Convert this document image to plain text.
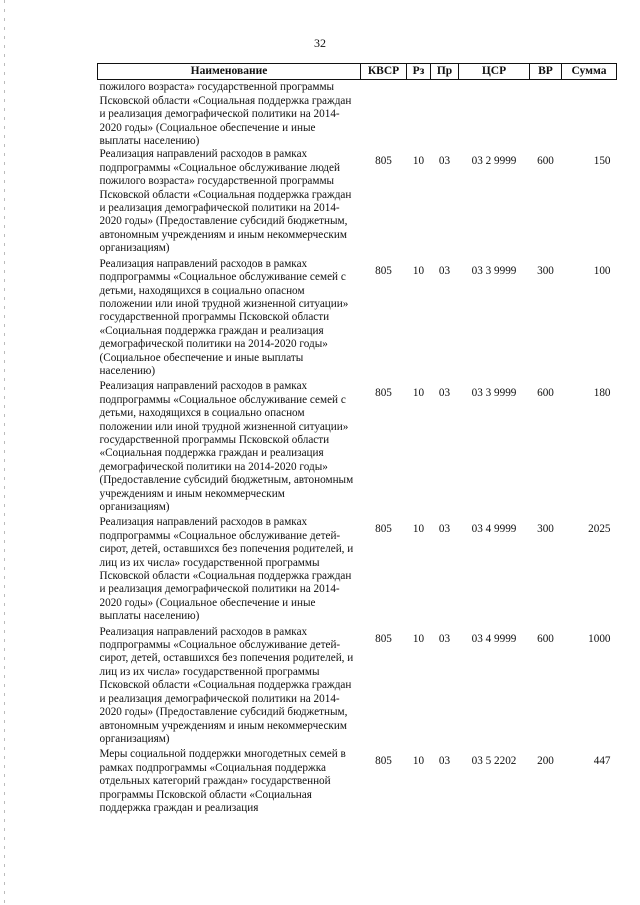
32
Наименование	КВСР	Рз	Пр	ЦСР	ВР	Сумма
пожилого возраста» государственной программы Псковской области «Социальная поддержка граждан и реализация демографической политики на 2014-2020 годы» (Социальное обеспечение и иные выплаты населению)						
Реализация направлений расходов в рамках подпрограммы «Социальное обслуживание людей пожилого возраста» государственной программы Псковской области «Социальная поддержка граждан и реализация демографической политики на 2014-2020 годы» (Предоставление субсидий бюджетным, автономным учреждениям и иным некоммерческим организациям)	805	10	03	03 2 9999	600	150
Реализация направлений расходов в рамках подпрограммы «Социальное обслуживание семей с детьми, находящихся в социально опасном положении или иной трудной жизненной ситуации» государственной программы Псковской области «Социальная поддержка граждан и реализация демографической политики на 2014-2020 годы» (Социальное обеспечение и иные выплаты населению)	805	10	03	03 3 9999	300	100
Реализация направлений расходов в рамках подпрограммы «Социальное обслуживание семей с детьми, находящихся в социально опасном положении или иной трудной жизненной ситуации» государственной программы Псковской области «Социальная поддержка граждан и реализация демографической политики на 2014-2020 годы» (Предоставление субсидий бюджетным, автономным учреждениям и иным некоммерческим организациям)	805	10	03	03 3 9999	600	180
Реализация направлений расходов в рамках подпрограммы «Социальное обслуживание детей-сирот, детей, оставшихся без попечения родителей, и лиц из их числа» государственной программы Псковской области «Социальная поддержка граждан и реализация демографической политики на 2014-2020 годы» (Социальное обеспечение и иные выплаты населению)	805	10	03	03 4 9999	300	2025
Реализация направлений расходов в рамках подпрограммы «Социальное обслуживание детей-сирот, детей, оставшихся без попечения родителей, и лиц из их числа» государственной программы Псковской области «Социальная поддержка граждан и реализация демографической политики на 2014-2020 годы» (Предоставление субсидий бюджетным, автономным учреждениям и иным некоммерческим организациям)	805	10	03	03 4 9999	600	1000
Меры социальной поддержки многодетных семей в рамках подпрограммы «Социальная поддержка отдельных категорий граждан» государственной программы Псковской области «Социальная поддержка граждан и реализация	805	10	03	03 5 2202	200	447
